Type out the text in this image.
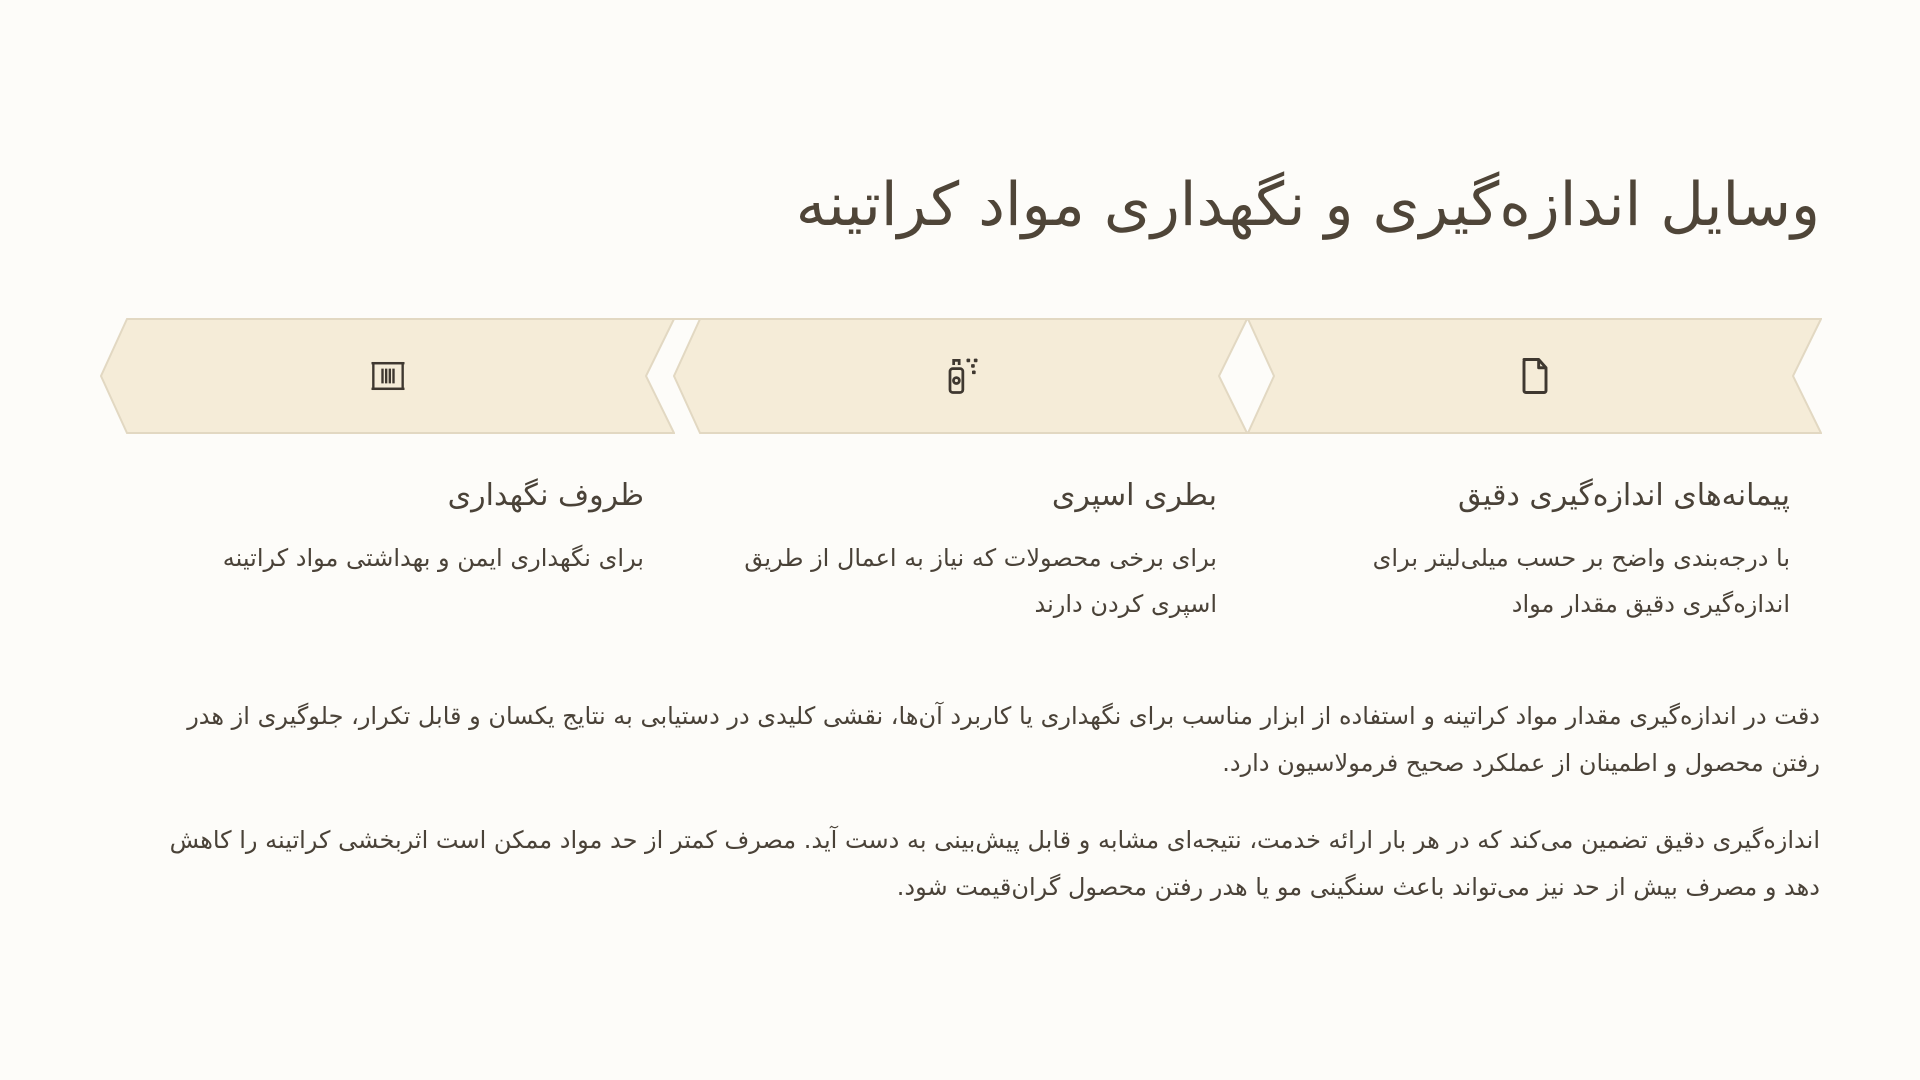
وسایل اندازه‌گیری و نگهداری مواد کراتینه
پیمانه‌های اندازه‌گیری دقیق

با درجه‌بندی واضح بر حسب میلی‌لیتر برای اندازه‌گیری دقیق مقدار مواد

بطری اسپری

برای برخی محصولات که نیاز به اعمال از طریق اسپری کردن دارند

ظروف نگهداری

برای نگهداری ایمن و بهداشتی مواد کراتینه

دقت در اندازه‌گیری مقدار مواد کراتینه و استفاده از ابزار مناسب برای نگهداری یا کاربرد آن‌ها، نقشی کلیدی در دستیابی به نتایج یکسان و قابل تکرار، جلوگیری از هدر رفتن محصول و اطمینان از عملکرد صحیح فرمولاسیون دارد.

اندازه‌گیری دقیق تضمین می‌کند که در هر بار ارائه خدمت، نتیجه‌ای مشابه و قابل پیش‌بینی به دست آید. مصرف کمتر از حد مواد ممکن است اثربخشی کراتینه را کاهش دهد و مصرف بیش از حد نیز می‌تواند باعث سنگینی مو یا هدر رفتن محصول گران‌قیمت شود.
